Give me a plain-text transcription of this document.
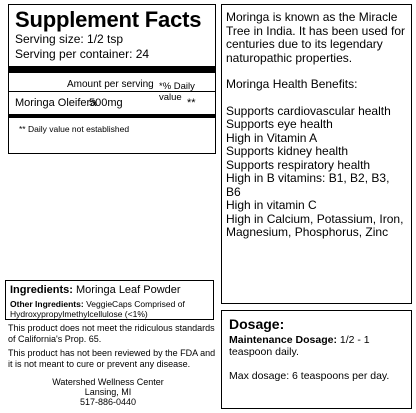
Supplement Facts
Serving size: 1/2 tsp
Serving per container: 24
Amount per serving *% Daily value
Moringa Oleifera
500mg	**
** Daily value not established

Moringa is known as the Miracle Tree in India. It has been used for centuries due to its legendary naturopathic properties.

Moringa Health Benefits:

Supports cardiovascular health

Supports eye health

High in Vitamin A

Supports kidney health

Supports respiratory health

High in B vitamins: B1, B2, B3, B6

High in vitamin C

High in Calcium, Potassium, Iron, Magnesium, Phosphorus, Zinc

Ingredients: Moringa Leaf Powder
Other Ingredients: VeggieCaps Comprised of Hydroxypropylmethylcellulose (<1%)
This product does not meet the ridiculous standards of California's Prop. 65.
This product has not been reviewed by the FDA and it is not meant to cure or prevent any disease.
Watershed Wellness Center
Lansing, MI
517-886-0440
Dosage:
Maintenance Dosage: 1/2 - 1 teaspoon daily.
Max dosage: 6 teaspoons per day.
